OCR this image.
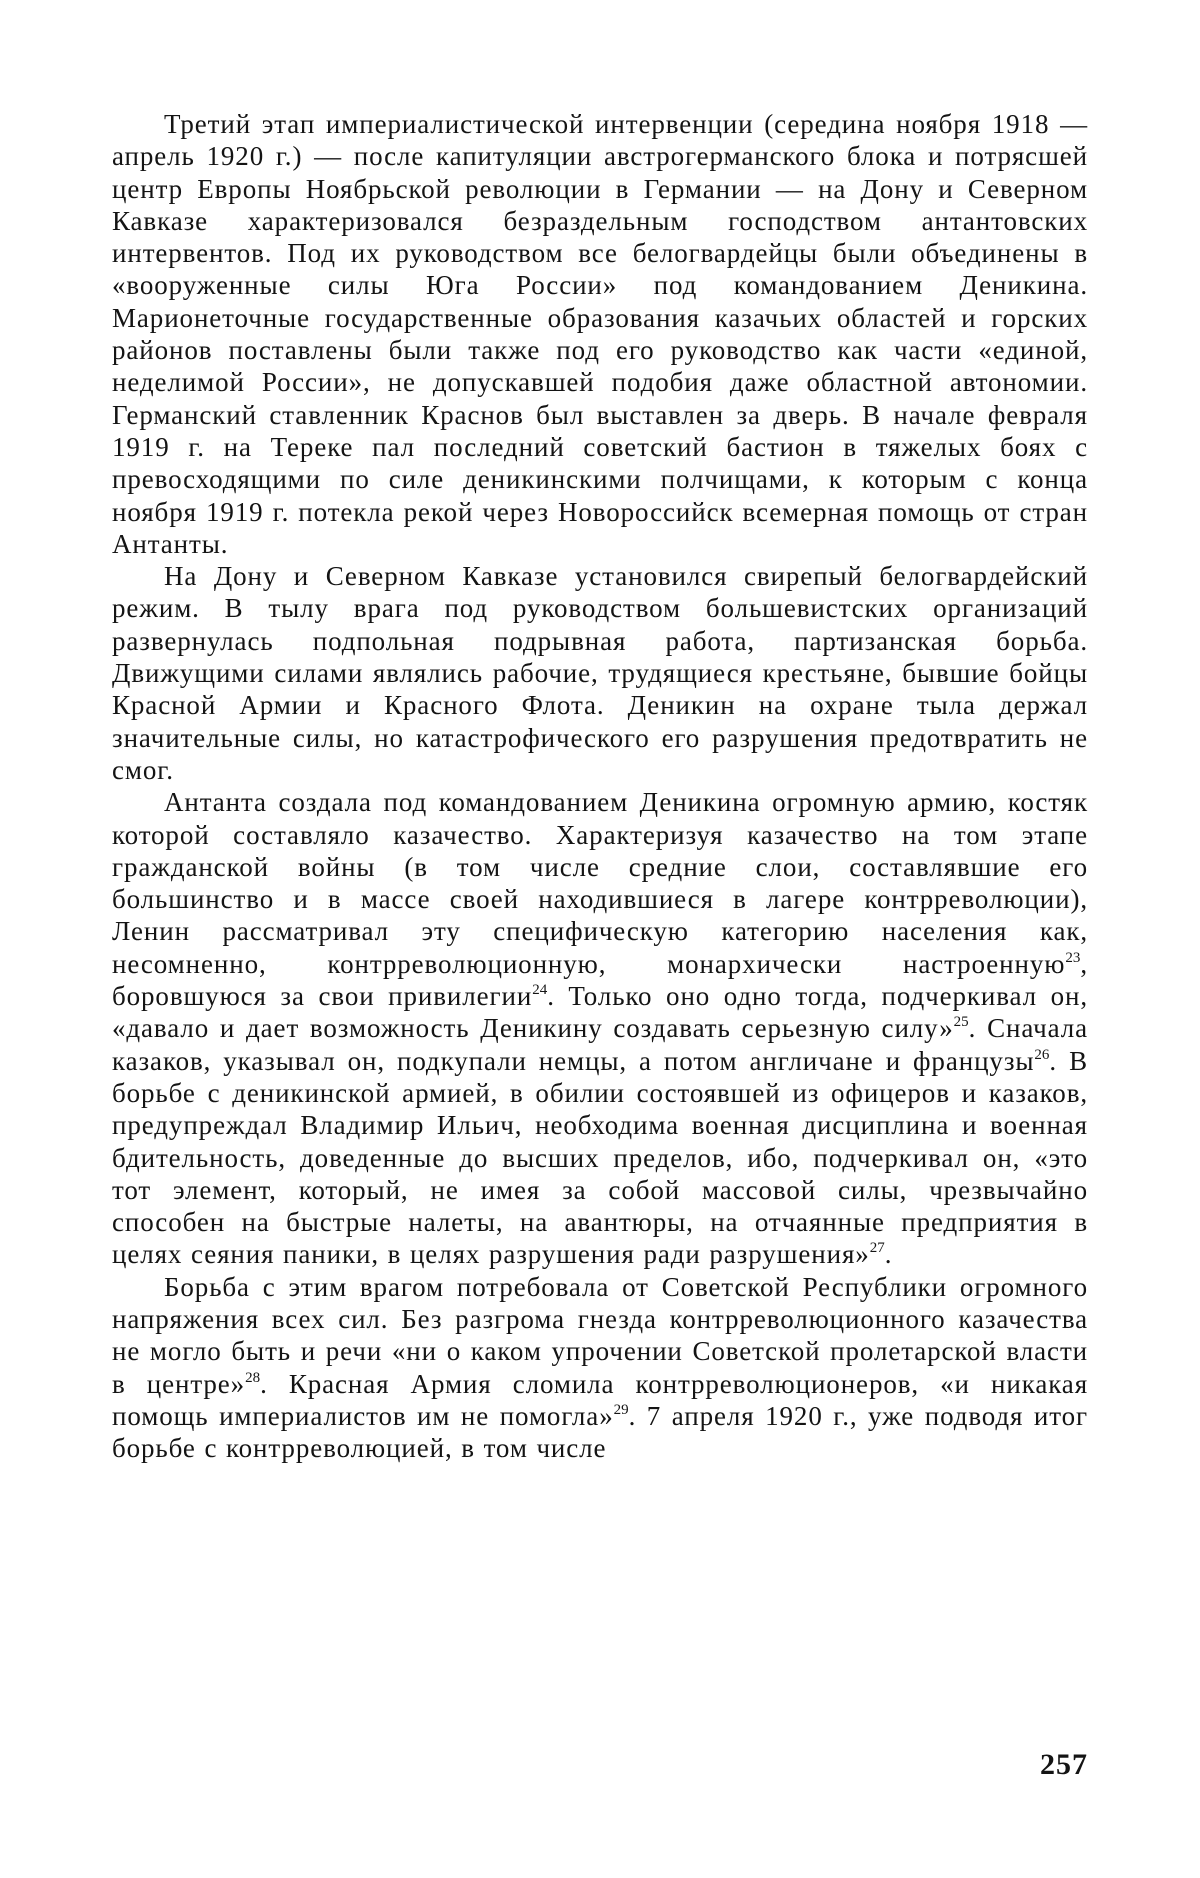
Третий этап империалистической интервенции (середина ноября 1918 — апрель 1920 г.) — после капитуляции австрогерманского блока и потрясшей центр Европы Ноябрьской революции в Германии — на Дону и Северном Кавказе характеризовался безраздельным господством антантовских интервентов. Под их руководством все белогвардейцы были объединены в «вооруженные силы Юга России» под командованием Деникина. Марионеточные государственные образования казачьих областей и горских районов поставлены были также под его руководство как части «единой, неделимой России», не допускавшей подобия даже областной автономии. Германский ставленник Краснов был выставлен за дверь. В начале февраля 1919 г. на Тереке пал последний советский бастион в тяжелых боях с превосходящими по силе деникинскими полчищами, к которым с конца ноября 1919 г. потекла рекой через Новороссийск всемерная помощь от стран Антанты.

На Дону и Северном Кавказе установился свирепый белогвардейский режим. В тылу врага под руководством большевистских организаций развернулась подпольная подрывная работа, партизанская борьба. Движущими силами являлись рабочие, трудящиеся крестьяне, бывшие бойцы Красной Армии и Красного Флота. Деникин на охране тыла держал значительные силы, но катастрофического его разрушения предотвратить не смог.

Антанта создала под командованием Деникина огромную армию, костяк которой составляло казачество. Характеризуя казачество на том этапе гражданской войны (в том числе средние слои, составлявшие его большинство и в массе своей находившиеся в лагере контрреволюции), Ленин рассматривал эту специфическую категорию населения как, несомненно, контрреволюционную, монархически настроенную$^{23}$, боровшуюся за свои привилегии$^{24}$. Только оно одно тогда, подчеркивал он, «давало и дает возможность Деникину создавать серьезную силу»$^{25}$. Сначала казаков, указывал он, подкупали немцы, а потом англичане и французы$^{26}$. В борьбе с деникинской армией, в обилии состоявшей из офицеров и казаков, предупреждал Владимир Ильич, необходима военная дисциплина и военная бдительность, доведенные до высших пределов, ибо, подчеркивал он, «это тот элемент, который, не имея за собой массовой силы, чрезвычайно способен на быстрые налеты, на авантюры, на отчаянные предприятия в целях сеяния паники, в целях разрушения ради разрушения»$^{27}$.

Борьба с этим врагом потребовала от Советской Республики огромного напряжения всех сил. Без разгрома гнезда контрреволюционного казачества не могло быть и речи «ни о каком упрочении Советской пролетарской власти в центре»$^{28}$. Красная Армия сломила контрреволюционеров, «и никакая помощь империалистов им не помогла»$^{29}$. 7 апреля 1920 г., уже подводя итог борьбе с контрреволюцией, в том числе

257
